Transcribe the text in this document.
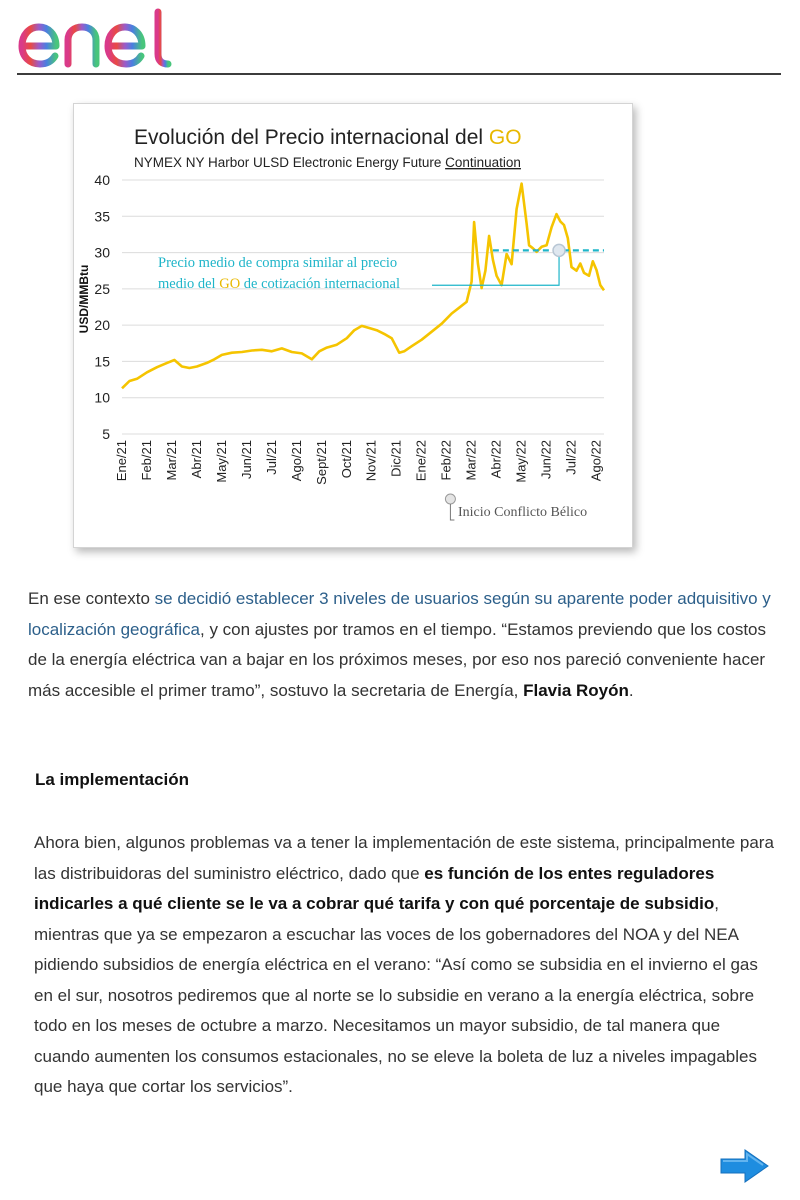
40
35
30
25
20
15
10
5
Ene/21 Feb/21 Mar/21 Abr/21 May/21 Jun/21 Jul/21 Ago/21 Sept/21 Oct/21 Nov/21 Dic/21 Ene/22 Feb/22 Mar/22 Abr/22 May/22 Jun/22 Jul/22 Ago/22
Evolución del Precio internacional del GO
NYMEX NY Harbor ULSD Electronic Energy Future Continuation
USD/MMBtu
Precio medio de compra similar al precio
medio del GO de cotización internacional
Inicio Conflicto Bélico
En ese contexto se decidió establecer 3 niveles de usuarios según su aparente poder adquisitivo y localización geográfica, y con ajustes por tramos en el tiempo. “Estamos previendo que los costos de la energía eléctrica van a bajar en los próximos meses, por eso nos pareció conveniente hacer más accesible el primer tramo”, sostuvo la secretaria de Energía, Flavia Royón.
La implementación
Ahora bien, algunos problemas va a tener la implementación de este sistema, principalmente para las distribuidoras del suministro eléctrico, dado que es función de los entes reguladores indicarles a qué cliente se le va a cobrar qué tarifa y con qué porcentaje de subsidio, mientras que ya se empezaron a escuchar las voces de los gobernadores del NOA y del NEA pidiendo subsidios de energía eléctrica en el verano: “Así como se subsidia en el invierno el gas en el sur, nosotros pediremos que al norte se lo subsidie en verano a la energía eléctrica, sobre todo en los meses de octubre a marzo. Necesitamos un mayor subsidio, de tal manera que cuando aumenten los consumos estacionales, no se eleve la boleta de luz a niveles impagables que haya que cortar los servicios”.
